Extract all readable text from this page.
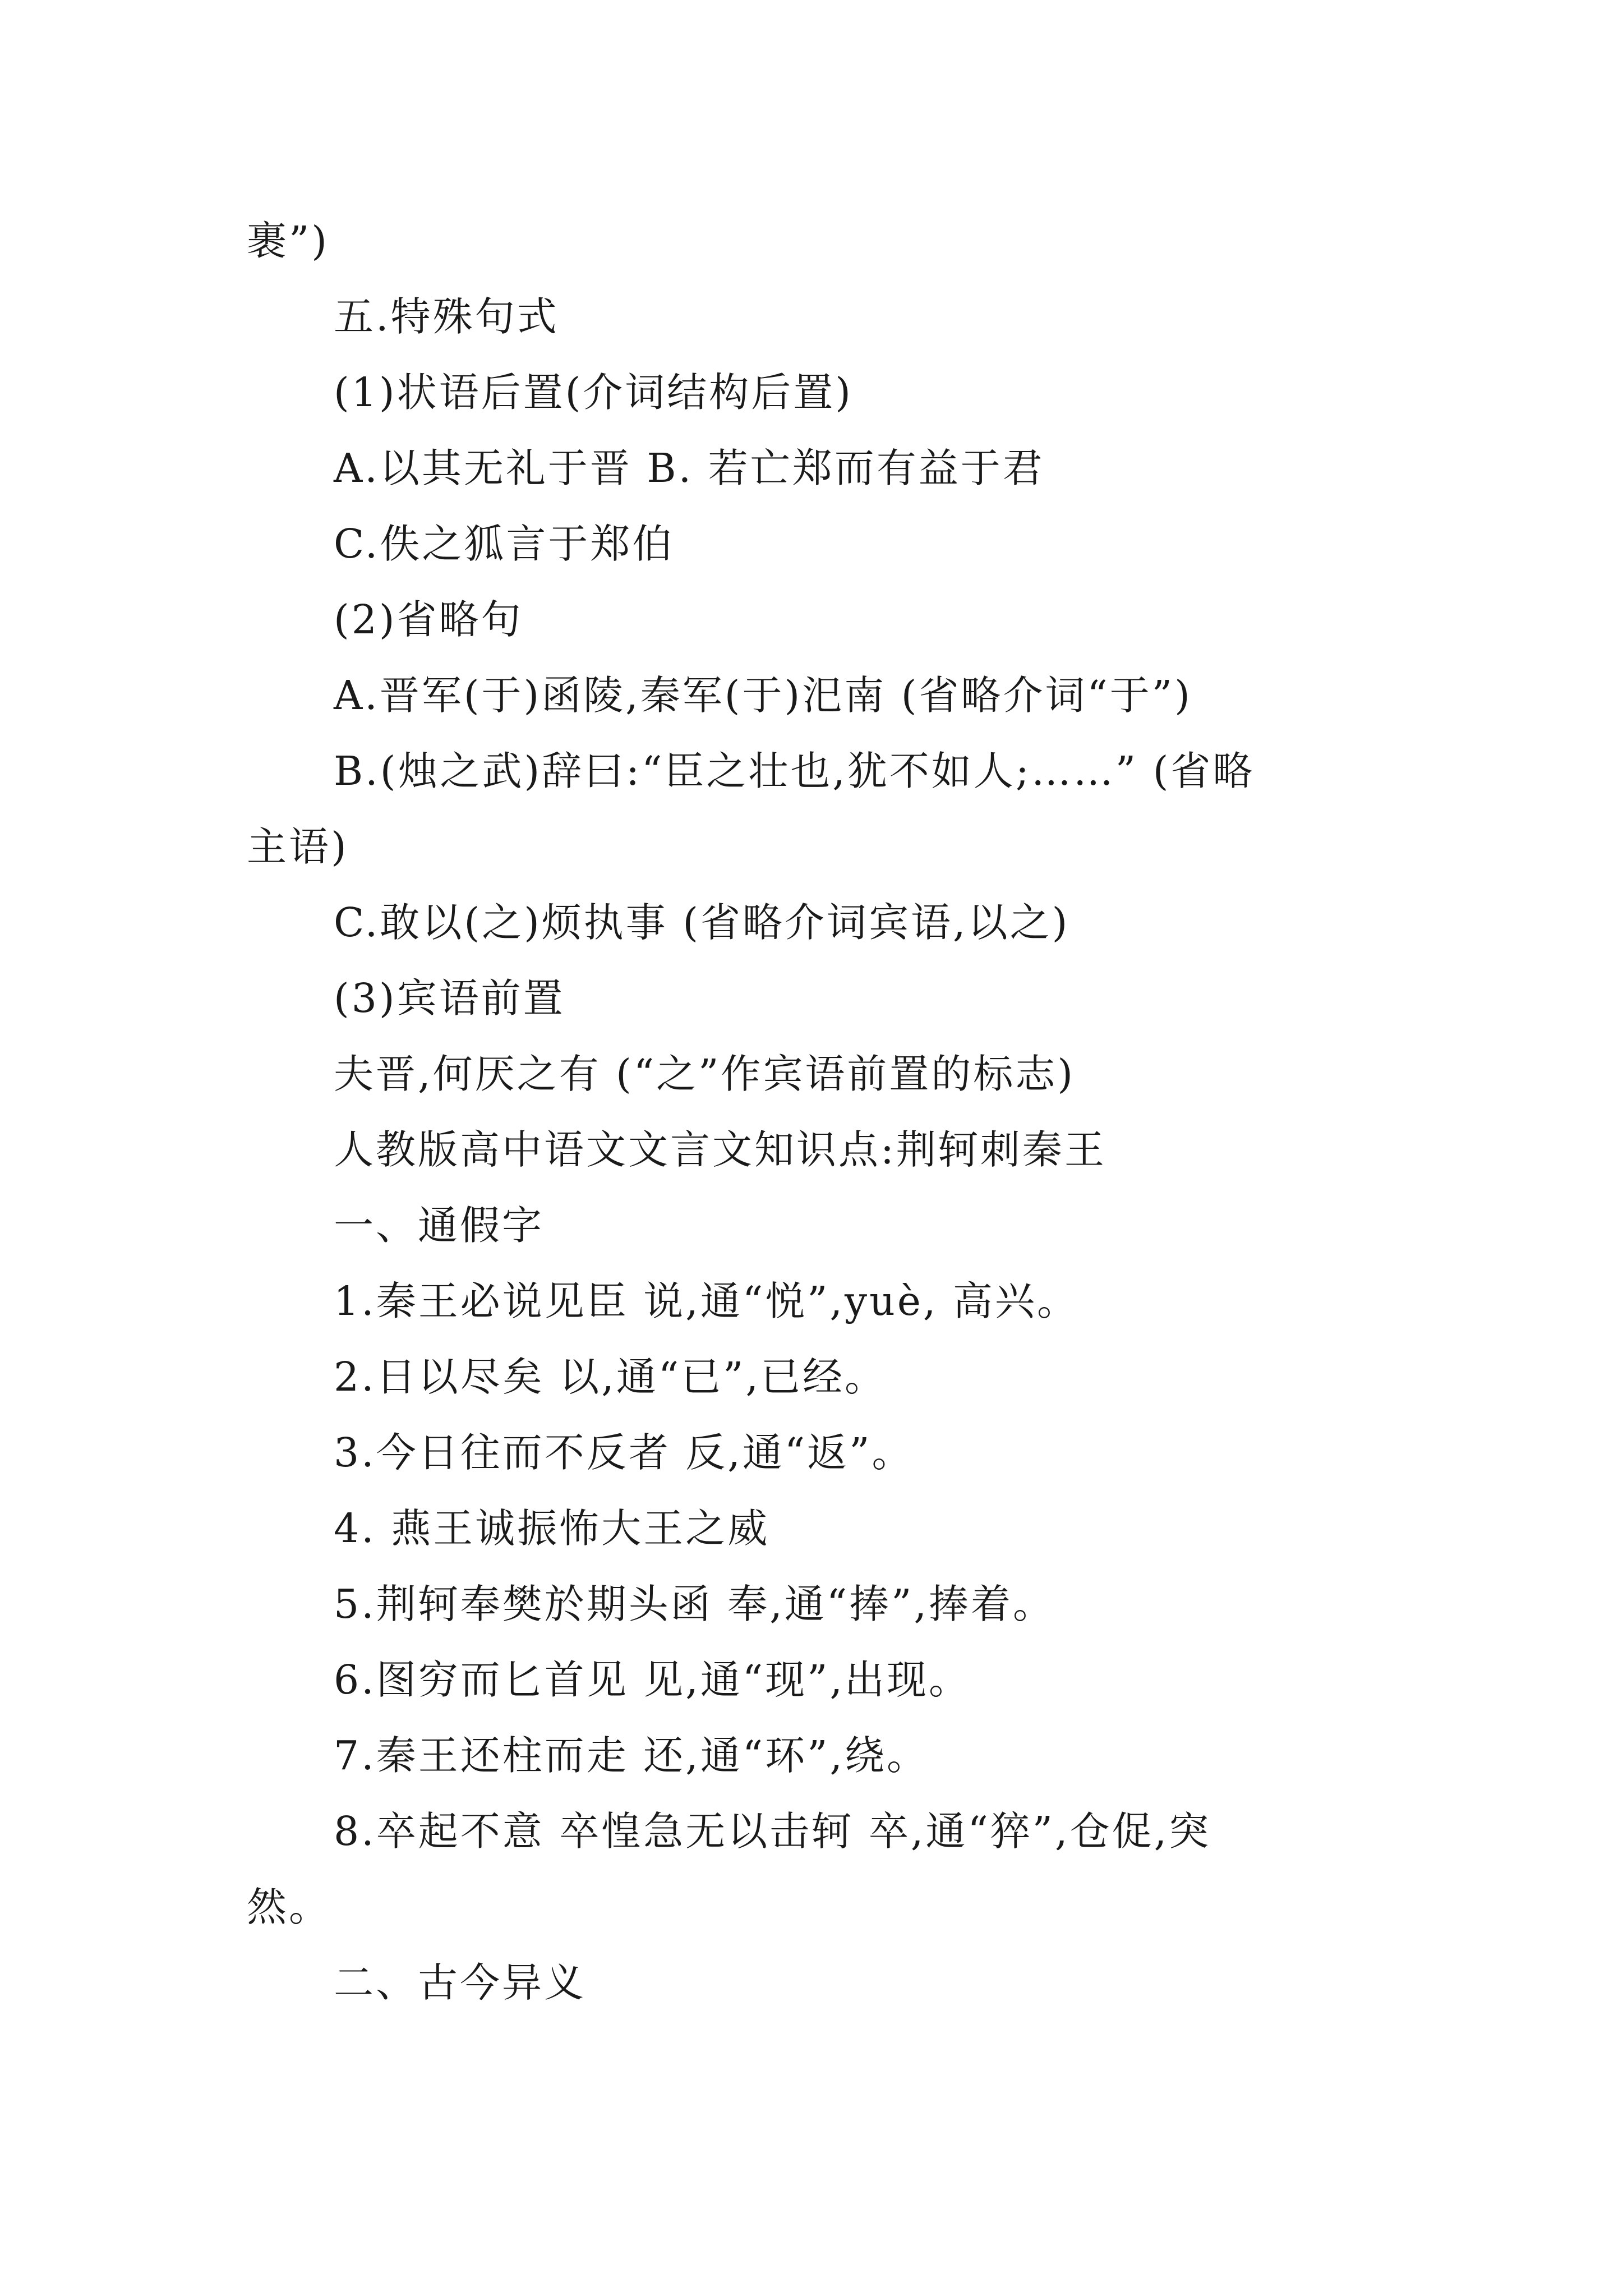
裹”)

五.特殊句式

(1)状语后置(介词结构后置)

A.以其无礼于晋 B. 若亡郑而有益于君

C.佚之狐言于郑伯

(2)省略句

A.晋军(于)函陵,秦军(于)汜南 (省略介词“于”)

B.(烛之武)辞曰:“臣之壮也,犹不如人;……” (省略

主语)

C.敢以(之)烦执事 (省略介词宾语,以之)

(3)宾语前置

夫晋,何厌之有 (“之”作宾语前置的标志)

人教版高中语文文言文知识点:荆轲刺秦王

一、通假字

1.秦王必说见臣 说,通“悦”,yuè, 高兴。

2.日以尽矣 以,通“已”,已经。

3.今日往而不反者 反,通“返”。

4. 燕王诚振怖大王之威

5.荆轲奉樊於期头函 奉,通“捧”,捧着。

6.图穷而匕首见 见,通“现”,出现。

7.秦王还柱而走 还,通“环”,绕。

8.卒起不意 卒惶急无以击轲 卒,通“猝”,仓促,突

然。

二、古今异义
